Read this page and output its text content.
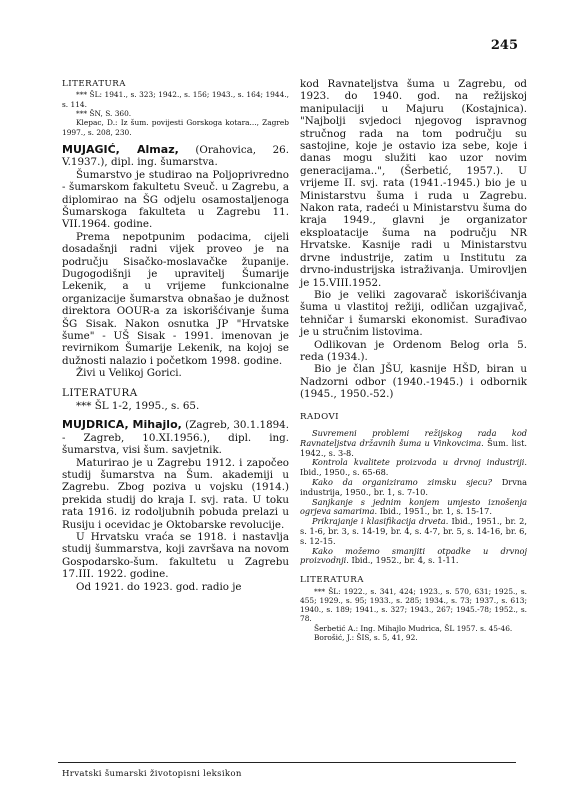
245
LITERATURA

*** ŠL: 1941., s. 323; 1942., s. 156; 1943., s. 164; 1944., s. 114.

*** ŠN, S. 360.

Klepac, D.: Iz šum. povijesti Gorskoga kotara..., Zagreb 1997., s. 208, 230.

MUJAGIĆ, Almaz, (Orahovica, 26. V.1937.), dipl. ing. šumarstva.

Šumarstvo je studirao na Poljoprivredno - šumarskom fakultetu Sveuč. u Zagrebu, a diplomirao na ŠG odjelu osamostaljenoga Šumarskoga fakulteta u Zagrebu 11. VII.1964. godine.

Prema nepotpunim podacima, cijeli dosadašnji radni vijek proveo je na području Sisačko-moslavačke županije. Dugogodišnji je upravitelj Šumarije Lekenik, a u vrijeme funkcionalne organizacije šumarstva obnašao je dužnost direktora OOUR-a za iskorišćivanje šuma ŠG Sisak. Nakon osnutka JP "Hrvatske šume" - UŠ Sisak - 1991. imenovan je revirnikom Šumarije Lekenik, na kojoj se dužnosti nalazio i početkom 1998. godine.

Živi u Velikoj Gorici.

LITERATURA

*** ŠL 1-2, 1995., s. 65.

MUJDRICA, Mihajlo, (Zagreb, 30.1.1894. - Zagreb, 10.XI.1956.), dipl. ing. šumarstva, visi šum. savjetnik.

Maturirao je u Zagrebu 1912. i započeo studij šumarstva na Šum. akademiji u Zagrebu. Zbog poziva u vojsku (1914.) prekida studij do kraja I. svj. rata. U toku rata 1916. iz rodoljubnih pobuda prelazi u Rusiju i ocevidac je Oktobarske revolucije.

U Hrvatsku vraća se 1918. i nastavlja studij šummarstva, koji završava na novom Gospodarsko-šum. fakultetu u Zagrebu 17.III. 1922. godine.

Od 1921. do 1923. god. radio je

kod Ravnateljstva šuma u Zagrebu, od 1923. do 1940. god. na režijskoj manipulaciji u Majuru (Kostajnica). "Najbolji svjedoci njegovog ispravnog stručnog rada na tom području su sastojine, koje je ostavio iza sebe, koje i danas mogu služiti kao uzor novim generacijama..", (Šerbetić, 1957.). U vrijeme II. svj. rata (1941.-1945.) bio je u Ministarstvu šuma i ruda u Zagrebu. Nakon rata, radeći u Ministarstvu šuma do kraja 1949., glavni je organizator eksploatacije šuma na području NR Hrvatske. Kasnije radi u Ministarstvu drvne industrije, zatim u Institutu za drvno-industrijska istraživanja. Umirovljen je 15.VIII.1952.

Bio je veliki zagovarač iskorišćivanja šuma u vlastitoj režiji, odličan uzgajivač, tehničar i šumarski ekonomist. Surađivao je u stručnim listovima.

Odlikovan je Ordenom Belog orla 5. reda (1934.).

Bio je član JŠU, kasnije HŠD, biran u Nadzorni odbor (1940.-1945.) i odbornik (1945., 1950.-52.)

RADOVI

Suvremeni problemi režijskog rada kod Ravnateljstva državnih šuma u Vinkovcima. Šum. list. 1942., s. 3-8.

Kontrola kvalitete proizvoda u drvnoj industriji. Ibid., 1950., s. 65-68.

Kako da organiziramo zimsku sjecu? Drvna industrija, 1950., br. 1, s. 7-10.

Sanjkanje s jednim konjem umjesto iznošenja ogrjevа samarima. Ibid., 1951., br. 1, s. 15-17.

Prikrajanje i klasifikacija drveta. Ibid., 1951., br. 2, s. 1-6, br. 3, s. 14-19, br. 4, s. 4-7, br. 5, s. 14-16, br. 6, s. 12-15.

Kako možemo smanjiti otpadke u drvnoj proizvodnji. Ibid., 1952., br. 4, s. 1-11.

LITERATURA

*** ŠL: 1922., s. 341, 424; 1923., s. 570, 631; 1925., s. 455; 1929., s. 95; 1933., s. 285; 1934., s. 73; 1937., s. 613; 1940., s. 189; 1941., s. 327; 1943., 267; 1945.-78; 1952., s. 78.

Šerbetić A.: Ing. Mihajlo Mudrica, ŠL 1957. s. 45-46.

Borošić, J.: ŠIS, s. 5, 41, 92.

Hrvatski šumarski životopisni leksikon
